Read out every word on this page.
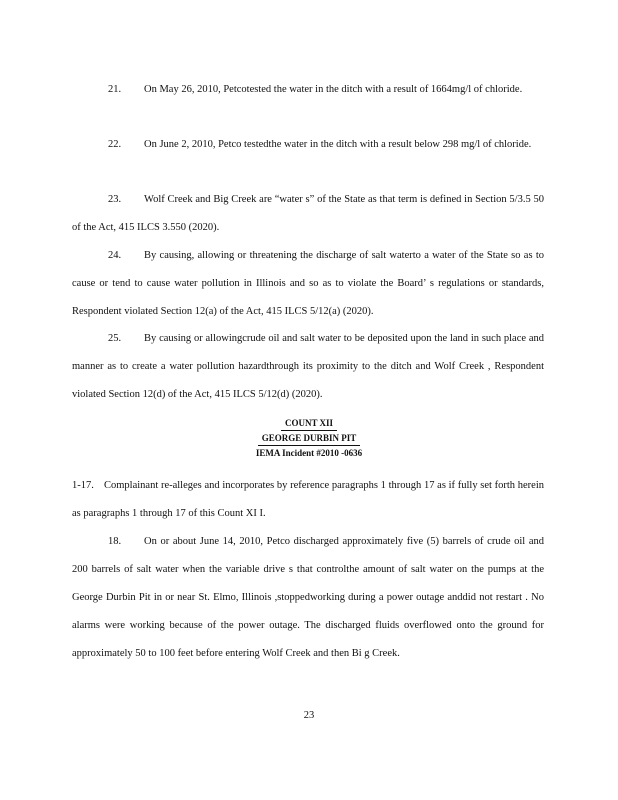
21. On May 26, 2010, Petcotested the water in the ditch with a result of 1664mg/l of chloride.
22. On June 2, 2010, Petco testedthe water in the ditch with a result below 298 mg/l of chloride.
23. Wolf Creek and Big Creek are “water s” of the State as that term is defined in Section 5/3.5 50 of the Act, 415 ILCS 3.550 (2020).
24. By causing, allowing or threatening the discharge of salt waterto a water of the State so as to cause or tend to cause water pollution in Illinois and so as to violate the Board’ s regulations or standards, Respondent violated Section 12(a) of the Act, 415 ILCS 5/12(a) (2020).
25. By causing or allowingcrude oil and salt water to be deposited upon the land in such place and manner as to create a water pollution hazardthrough its proximity to the ditch and Wolf Creek , Respondent violated Section 12(d) of the Act, 415 ILCS 5/12(d) (2020).
COUNT XII
GEORGE DURBIN PIT
IEMA Incident #2010 -0636
1-17. Complainant re-alleges and incorporates by reference paragraphs 1 through 17 as if fully set forth herein as paragraphs 1 through 17 of this Count XI I.
18. On or about June 14, 2010, Petco discharged approximately five (5) barrels of crude oil and 200 barrels of salt water when the variable drive s that controlthe amount of salt water on the pumps at the George Durbin Pit in or near St. Elmo, Illinois ,stoppedworking during a power outage anddid not restart . No alarms were working because of the power outage. The discharged fluids overflowed onto the ground for approximately 50 to 100 feet before entering Wolf Creek and then Bi g Creek.
23
